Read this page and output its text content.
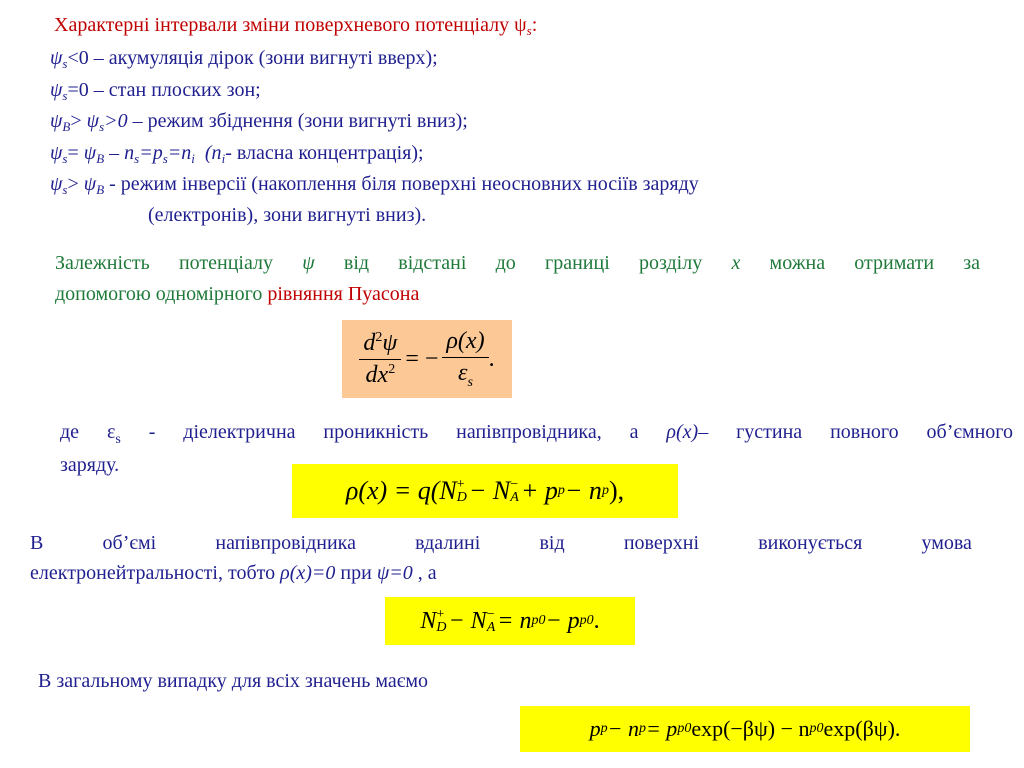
Характерні інтервали зміни поверхневого потенціалу $\psi_s$:
$\psi_s<0$ – акумуляція дірок (зони вигнуті вверх);
$\psi_s=0$ – стан плоских зон;
$\psi_B> \psi_s>0$ – режим збіднення (зони вигнуті вниз);
$\psi_s= \psi_B - n_s=p_s=n_i$  ($n_i-$ власна концентрація);
$\psi_s> \psi_B$ - режим інверсії (накоплення біля поверхні неосновних носіїв заряду
(електронів), зони вигнуті вниз).
Залежність потенціалу ψ від відстані до границі розділу x можна отримати за
допомогою одномірного рівняння Пуасона
$\frac{d^2\psi}{dx^2}$ = − $\frac{\rho(x)}{\varepsilon_s}$ .
де $\varepsilon_s$ - діелектрична проникність напівпровідника, а ρ(x)– густина повного об’ємного
заряду.
ρ(x) = q(N +
D − N −
A + p p − n p ),
В	об’ємі	напівпровідника	вдалині	від	поверхні	виконується	умова
електронейтральності, тобто ρ(x)=0 при ψ=0 , а
N +
D − N −
A = n p0 − p p0 .
В загальному випадку для всіх значень маємо
p p − n p = p p0 exp(−βψ) − n p0 exp(βψ).
